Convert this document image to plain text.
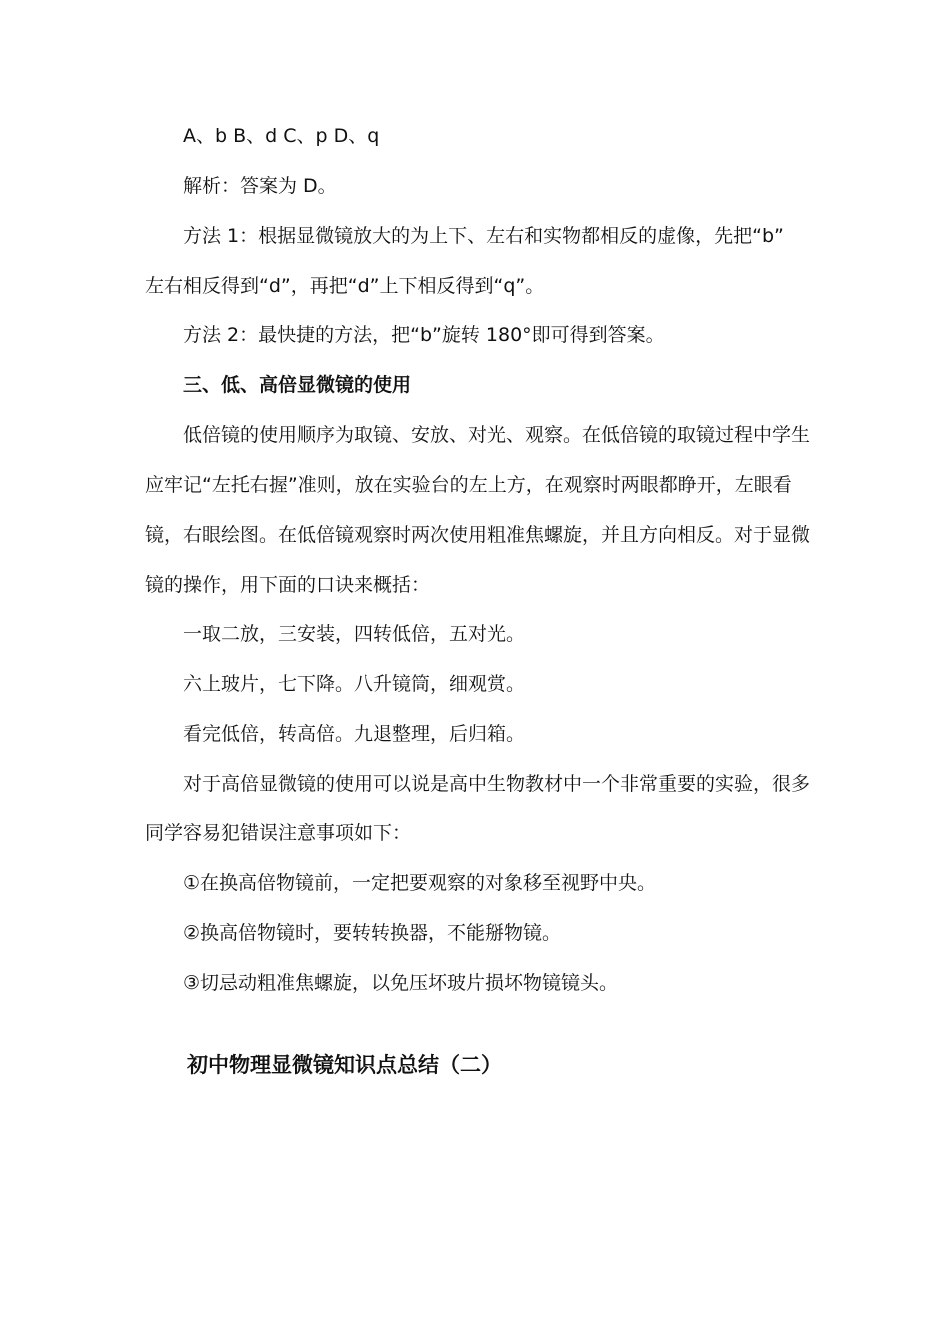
A、b B、d C、p D、q
解析：答案为 D。
方法 1：根据显微镜放大的为上下、左右和实物都相反的虚像，先把“b”
左右相反得到“d”，再把“d”上下相反得到“q”。
方法 2：最快捷的方法，把“b”旋转 180°即可得到答案。
三、低、高倍显微镜的使用
低倍镜的使用顺序为取镜、安放、对光、观察。在低倍镜的取镜过程中学生
应牢记“左托右握”准则，放在实验台的左上方，在观察时两眼都睁开，左眼看
镜，右眼绘图。在低倍镜观察时两次使用粗准焦螺旋，并且方向相反。对于显微
镜的操作，用下面的口诀来概括：
一取二放，三安装，四转低倍，五对光。
六上玻片，七下降。八升镜筒，细观赏。
看完低倍，转高倍。九退整理，后归箱。
对于高倍显微镜的使用可以说是高中生物教材中一个非常重要的实验，很多
同学容易犯错误注意事项如下：
①在换高倍物镜前，一定把要观察的对象移至视野中央。
②换高倍物镜时，要转转换器，不能掰物镜。
③切忌动粗准焦螺旋，以免压坏玻片损坏物镜镜头。
初中物理显微镜知识点总结（二）
